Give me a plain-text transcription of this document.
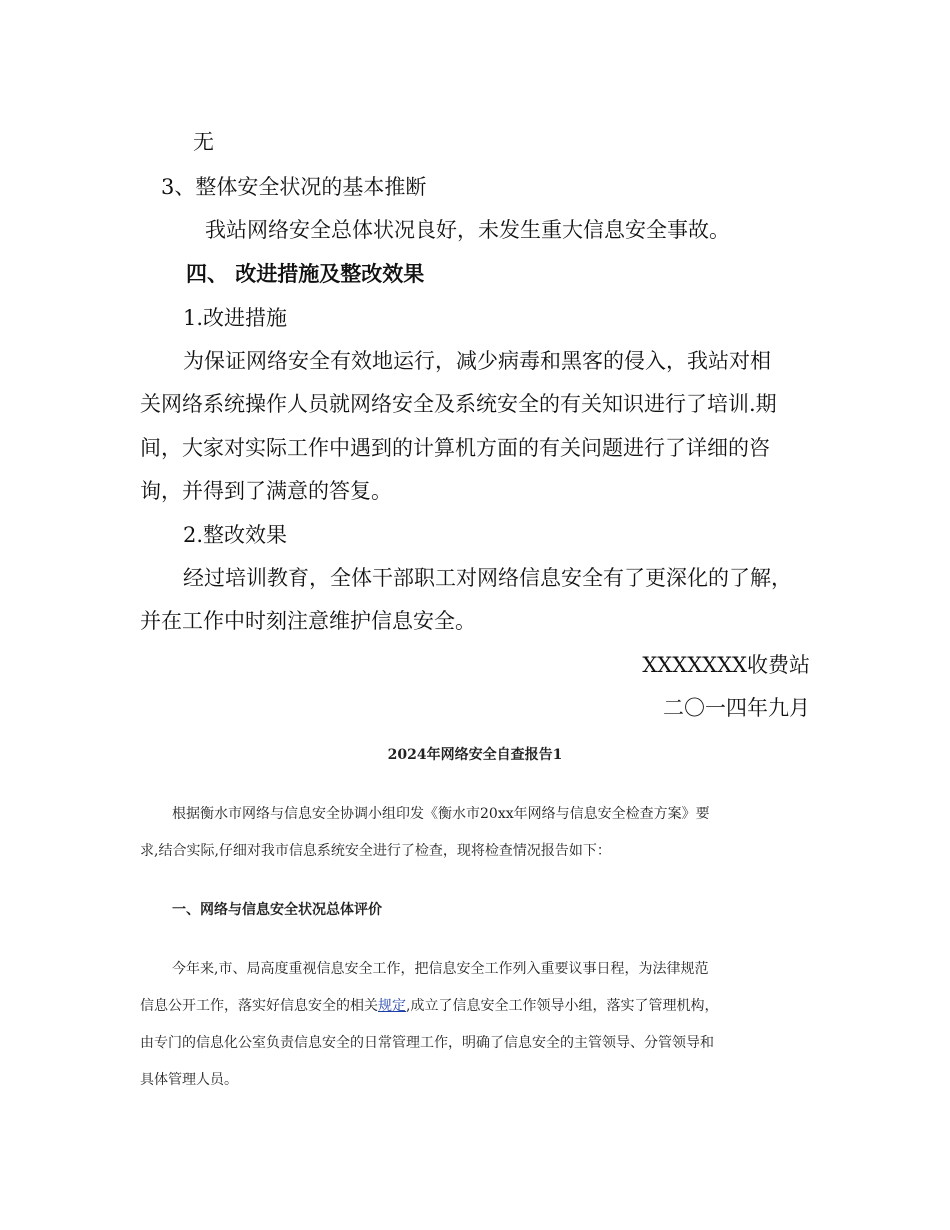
无

3、整体安全状况的基本推断

我站网络安全总体状况良好，未发生重大信息安全事故。

四、 改进措施及整改效果

1.改进措施

为保证网络安全有效地运行，减少病毒和黑客的侵入，我站对相

关网络系统操作人员就网络安全及系统安全的有关知识进行了培训.期

间，大家对实际工作中遇到的计算机方面的有关问题进行了详细的咨

询，并得到了满意的答复。

2.整改效果

经过培训教育，全体干部职工对网络信息安全有了更深化的了解，

并在工作中时刻注意维护信息安全。

XXXXXXX收费站

二〇一四年九月

2024年网络安全自查报告1

根据衡水市网络与信息安全协调小组印发《衡水市20xx年网络与信息安全检查方案》要

求,结合实际,仔细对我市信息系统安全进行了检查，现将检查情况报告如下：

一、网络与信息安全状况总体评价

今年来,市、局高度重视信息安全工作，把信息安全工作列入重要议事日程，为法律规范

信息公开工作，落实好信息安全的相关规定,成立了信息安全工作领导小组，落实了管理机构，

由专门的信息化公室负责信息安全的日常管理工作，明确了信息安全的主管领导、分管领导和

具体管理人员。
